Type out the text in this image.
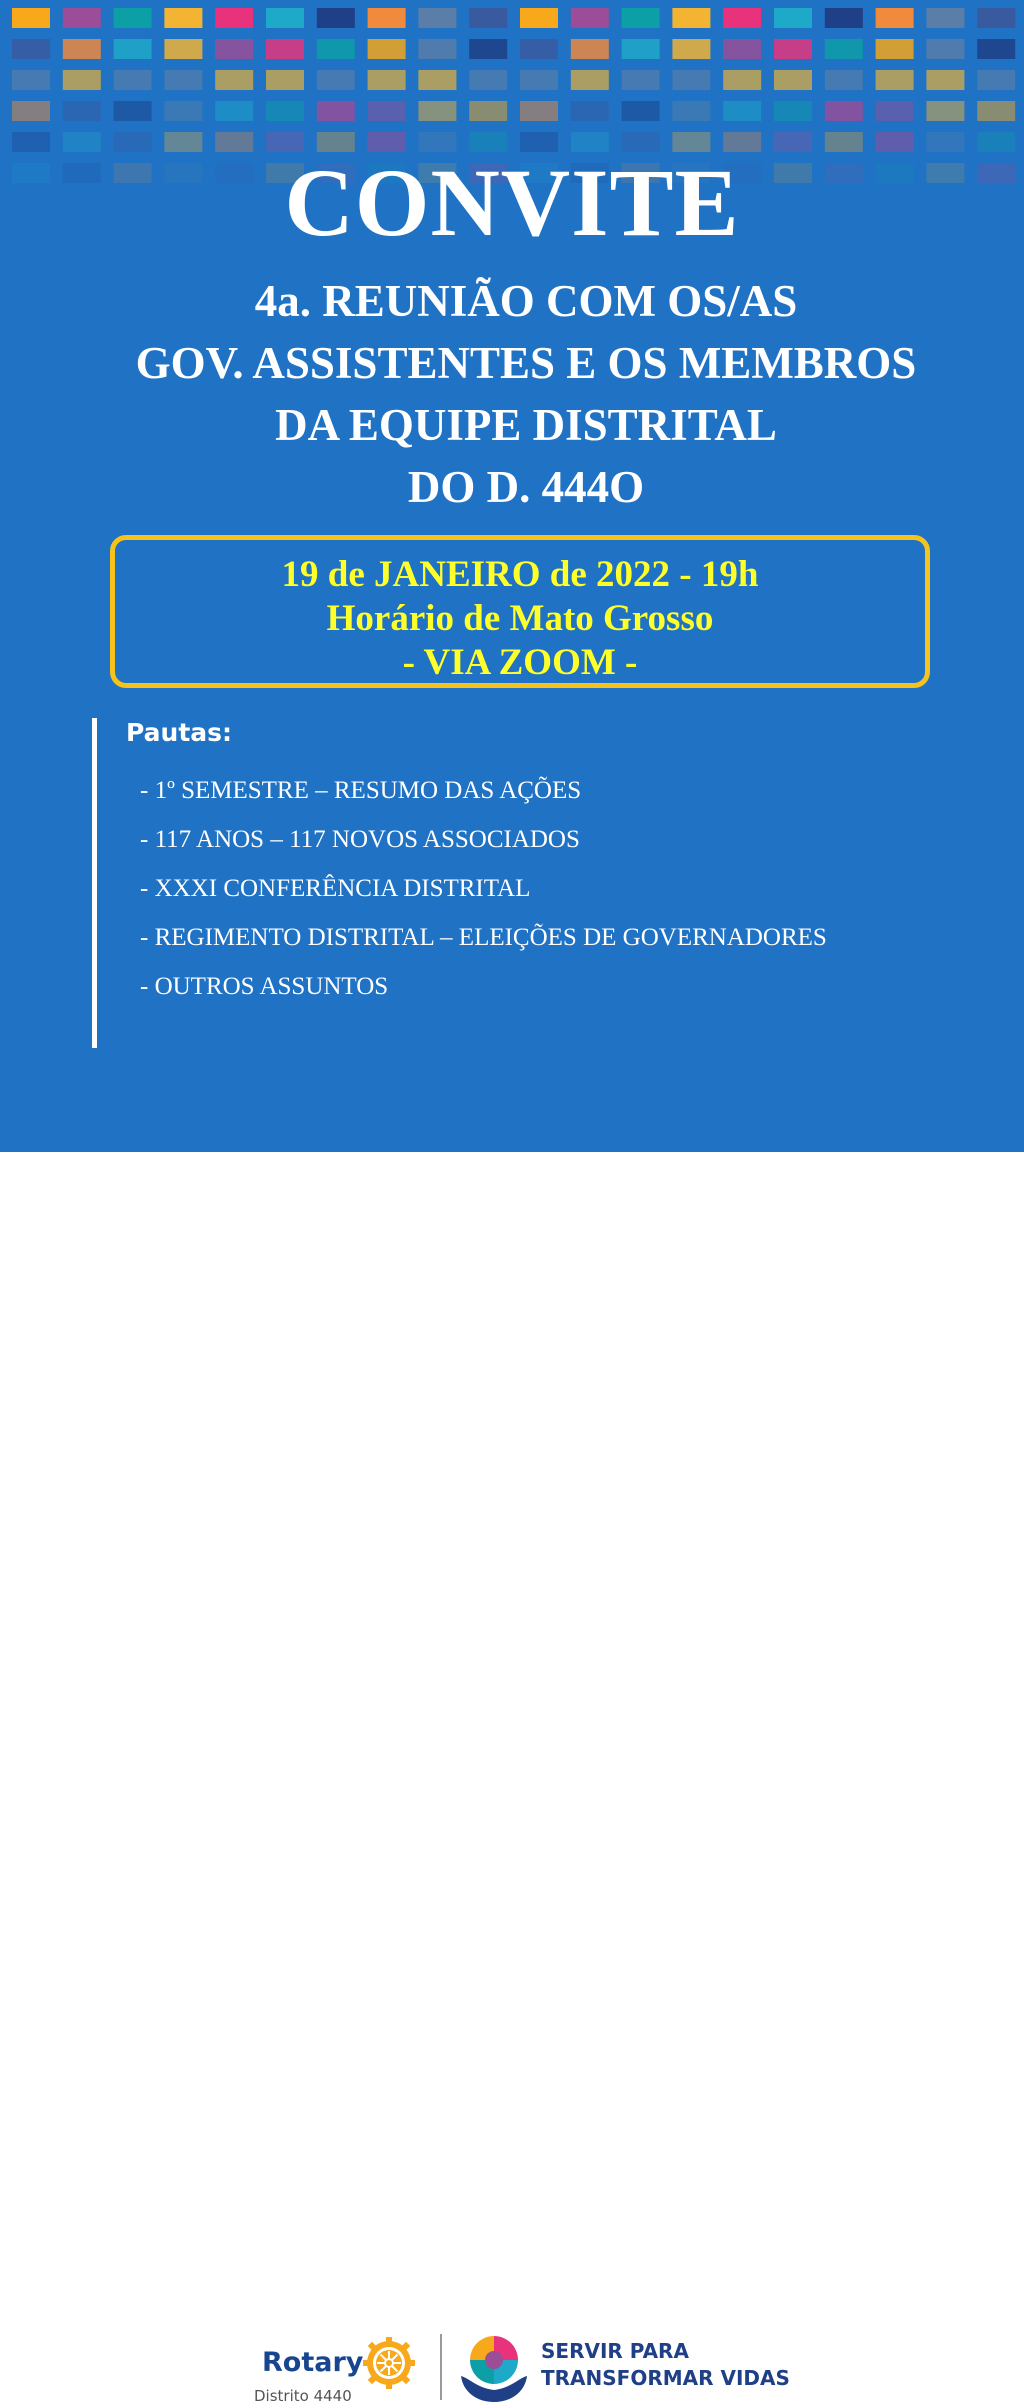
CONVITE
4a. REUNIÃO COM OS/AS
GOV. ASSISTENTES E OS MEMBROS
DA EQUIPE DISTRITAL
DO D. 444O
19 de JANEIRO de 2022 - 19h
Horário de Mato Grosso
- VIA ZOOM -
Pautas:
- 1º SEMESTRE – RESUMO DAS AÇÕES
- 117 ANOS – 117 NOVOS ASSOCIADOS
- XXXI CONFERÊNCIA DISTRITAL
- REGIMENTO DISTRITAL – ELEIÇÕES DE GOVERNADORES
- OUTROS ASSUNTOS
Rotary
Distrito 4440
SERVIR PARA
TRANSFORMAR VIDAS
